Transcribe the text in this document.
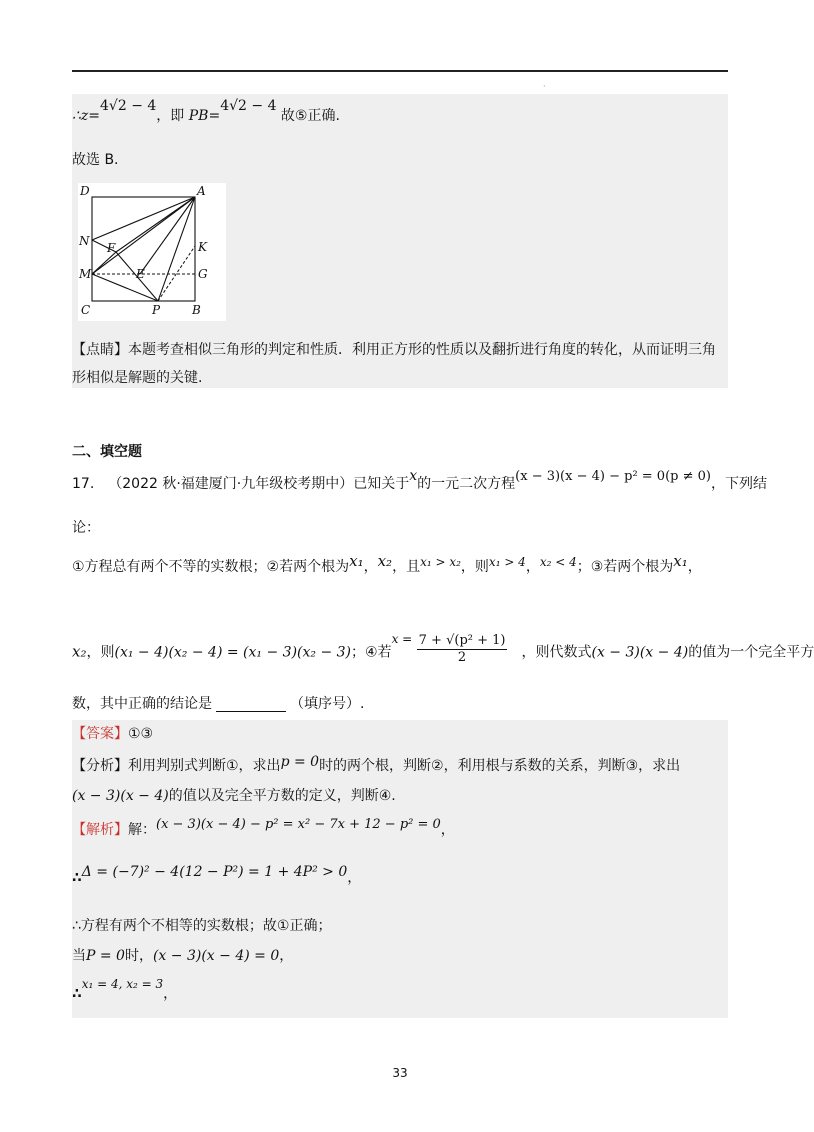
·
∴z=4√2 − 4，即 PB=4√2 − 4 故⑤正确.
故选 B.
D	A
N F	K
M	E	G
C	P	B
【点睛】本题考查相似三角形的判定和性质．利用正方形的性质以及翻折进行角度的转化，从而证明三角
形相似是解题的关键.
二、填空题
17. （2022 秋·福建厦门·九年级校考期中）已知关于x的一元二次方程(x − 3)(x − 4) − p² = 0(p ≠ 0)，下列结
论：
①方程总有两个不等的实数根；②若两个根为x₁，x₂，且x₁ > x₂，则x₁ > 4，x₂ < 4；③若两个根为x₁，
x₂，则(x₁ − 4)(x₂ − 4) = (x₁ − 3)(x₂ − 3)；④若$x = \frac{\text{7 + √(p² + 1)}}{2}$ ，则代数式(x − 3)(x − 4)的值为一个完全平方
数，其中正确的结论是	（填序号）.
【答案】①③
【分析】利用判别式判断①，求出p = 0时的两个根，判断②，利用根与系数的关系，判断③，求出
(x − 3)(x − 4)的值以及完全平方数的定义，判断④.
【解析】解：(x − 3)(x − 4) − p² = x² − 7x + 12 − p² = 0，
∴Δ = (−7)² − 4(12 − P²) = 1 + 4P² > 0，
∴方程有两个不相等的实数根；故①正确；
当P = 0时，(x − 3)(x − 4) = 0，
∴x₁ = 4, x₂ = 3，
33
